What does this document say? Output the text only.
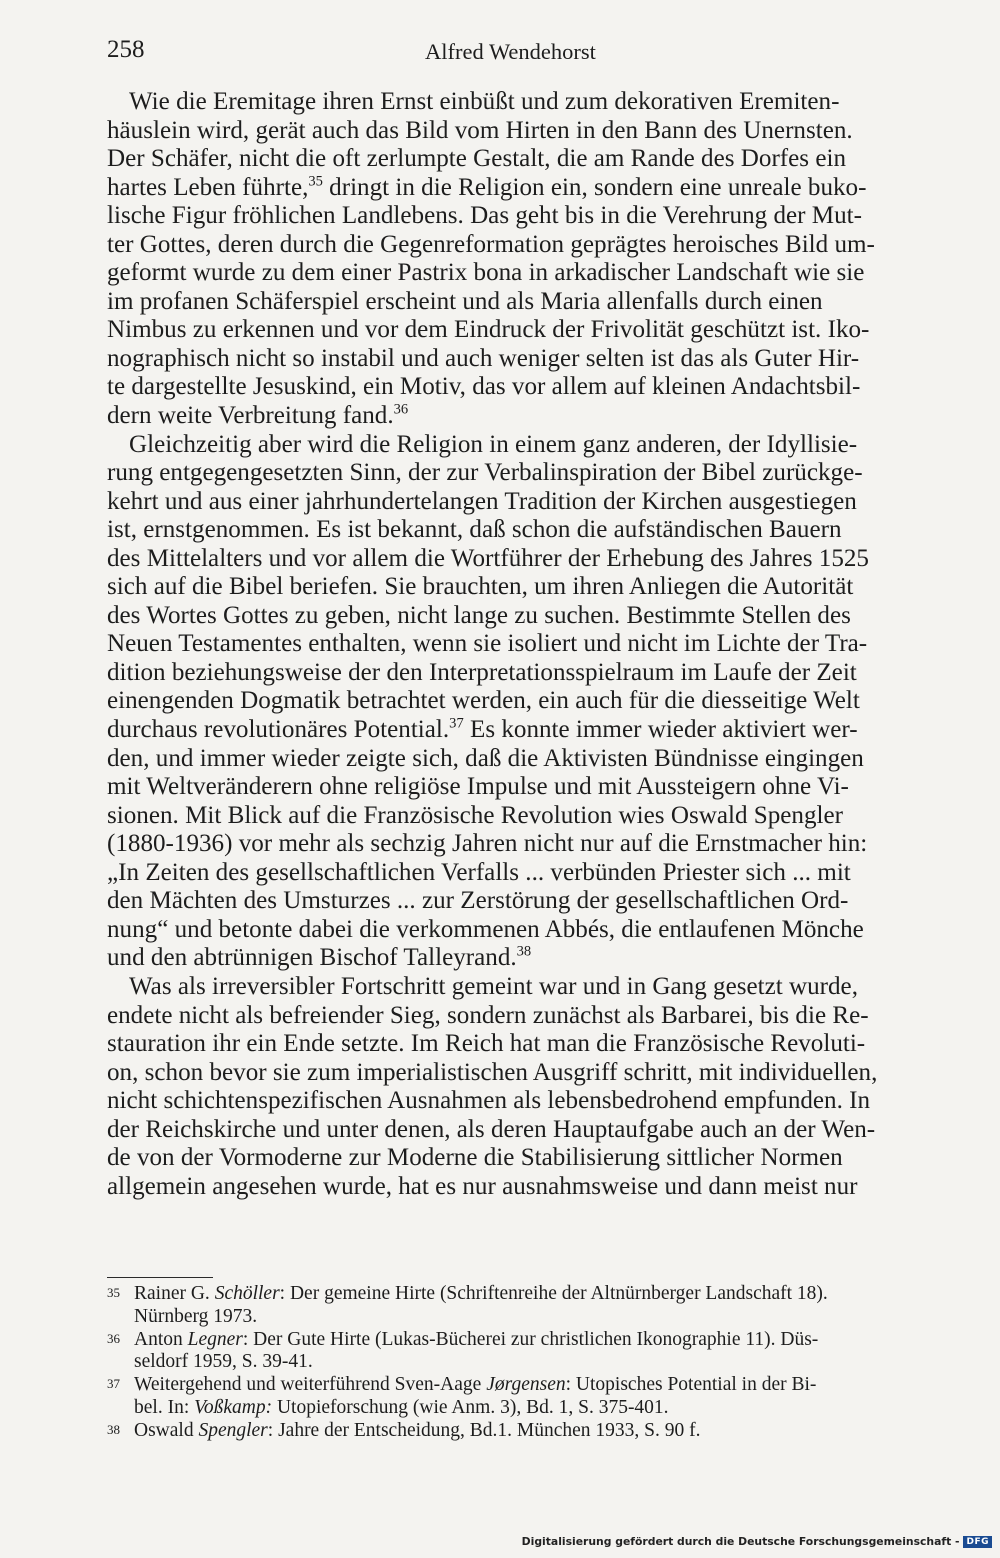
258	Alfred Wendehorst

Wie die Eremitage ihren Ernst einbüßt und zum dekorativen Eremiten-
häuslein wird, gerät auch das Bild vom Hirten in den Bann des Unernsten.
Der Schäfer, nicht die oft zerlumpte Gestalt, die am Rande des Dorfes ein
hartes Leben führte,$^{35}$ dringt in die Religion ein, sondern eine unreale buko-
lische Figur fröhlichen Landlebens. Das geht bis in die Verehrung der Mut-
ter Gottes, deren durch die Gegenreformation geprägtes heroisches Bild um-
geformt wurde zu dem einer Pastrix bona in arkadischer Landschaft wie sie
im profanen Schäferspiel erscheint und als Maria allenfalls durch einen
Nimbus zu erkennen und vor dem Eindruck der Frivolität geschützt ist. Iko-
nographisch nicht so instabil und auch weniger selten ist das als Guter Hir-
te dargestellte Jesuskind, ein Motiv, das vor allem auf kleinen Andachtsbil-
dern weite Verbreitung fand.$^{36}$

Gleichzeitig aber wird die Religion in einem ganz anderen, der Idyllisie-
rung entgegengesetzten Sinn, der zur Verbalinspiration der Bibel zurückge-
kehrt und aus einer jahrhundertelangen Tradition der Kirchen ausgestiegen
ist, ernstgenommen. Es ist bekannt, daß schon die aufständischen Bauern
des Mittelalters und vor allem die Wortführer der Erhebung des Jahres 1525
sich auf die Bibel beriefen. Sie brauchten, um ihren Anliegen die Autorität
des Wortes Gottes zu geben, nicht lange zu suchen. Bestimmte Stellen des
Neuen Testamentes enthalten, wenn sie isoliert und nicht im Lichte der Tra-
dition beziehungsweise der den Interpretationsspielraum im Laufe der Zeit
einengenden Dogmatik betrachtet werden, ein auch für die diesseitige Welt
durchaus revolutionäres Potential.$^{37}$ Es konnte immer wieder aktiviert wer-
den, und immer wieder zeigte sich, daß die Aktivisten Bündnisse eingingen
mit Weltveränderern ohne religiöse Impulse und mit Aussteigern ohne Vi-
sionen. Mit Blick auf die Französische Revolution wies Oswald Spengler
(1880-1936) vor mehr als sechzig Jahren nicht nur auf die Ernstmacher hin:
„In Zeiten des gesellschaftlichen Verfalls ... verbünden Priester sich ... mit
den Mächten des Umsturzes ... zur Zerstörung der gesellschaftlichen Ord-
nung“ und betonte dabei die verkommenen Abbés, die entlaufenen Mönche
und den abtrünnigen Bischof Talleyrand.$^{38}$

Was als irreversibler Fortschritt gemeint war und in Gang gesetzt wurde,
endete nicht als befreiender Sieg, sondern zunächst als Barbarei, bis die Re-
stauration ihr ein Ende setzte. Im Reich hat man die Französische Revoluti-
on, schon bevor sie zum imperialistischen Ausgriff schritt, mit individuellen,
nicht schichtenspezifischen Ausnahmen als lebensbedrohend empfunden. In
der Reichskirche und unter denen, als deren Hauptaufgabe auch an der Wen-
de von der Vormoderne zur Moderne die Stabilisierung sittlicher Normen
allgemein angesehen wurde, hat es nur ausnahmsweise und dann meist nur

35 Rainer G. Schöller: Der gemeine Hirte (Schriftenreihe der Altnürnberger Landschaft 18).
Nürnberg 1973.
36 Anton Legner: Der Gute Hirte (Lukas-Bücherei zur christlichen Ikonographie 11). Düs-
seldorf 1959, S. 39-41.
37 Weitergehend und weiterführend Sven-Aage Jørgensen: Utopisches Potential in der Bi-
bel. In: Voßkamp: Utopieforschung (wie Anm. 3), Bd. 1, S. 375-401.
38 Oswald Spengler: Jahre der Entscheidung, Bd.1. München 1933, S. 90 f.
Digitalisierung gefördert durch die Deutsche Forschungsgemeinschaft - DFG
